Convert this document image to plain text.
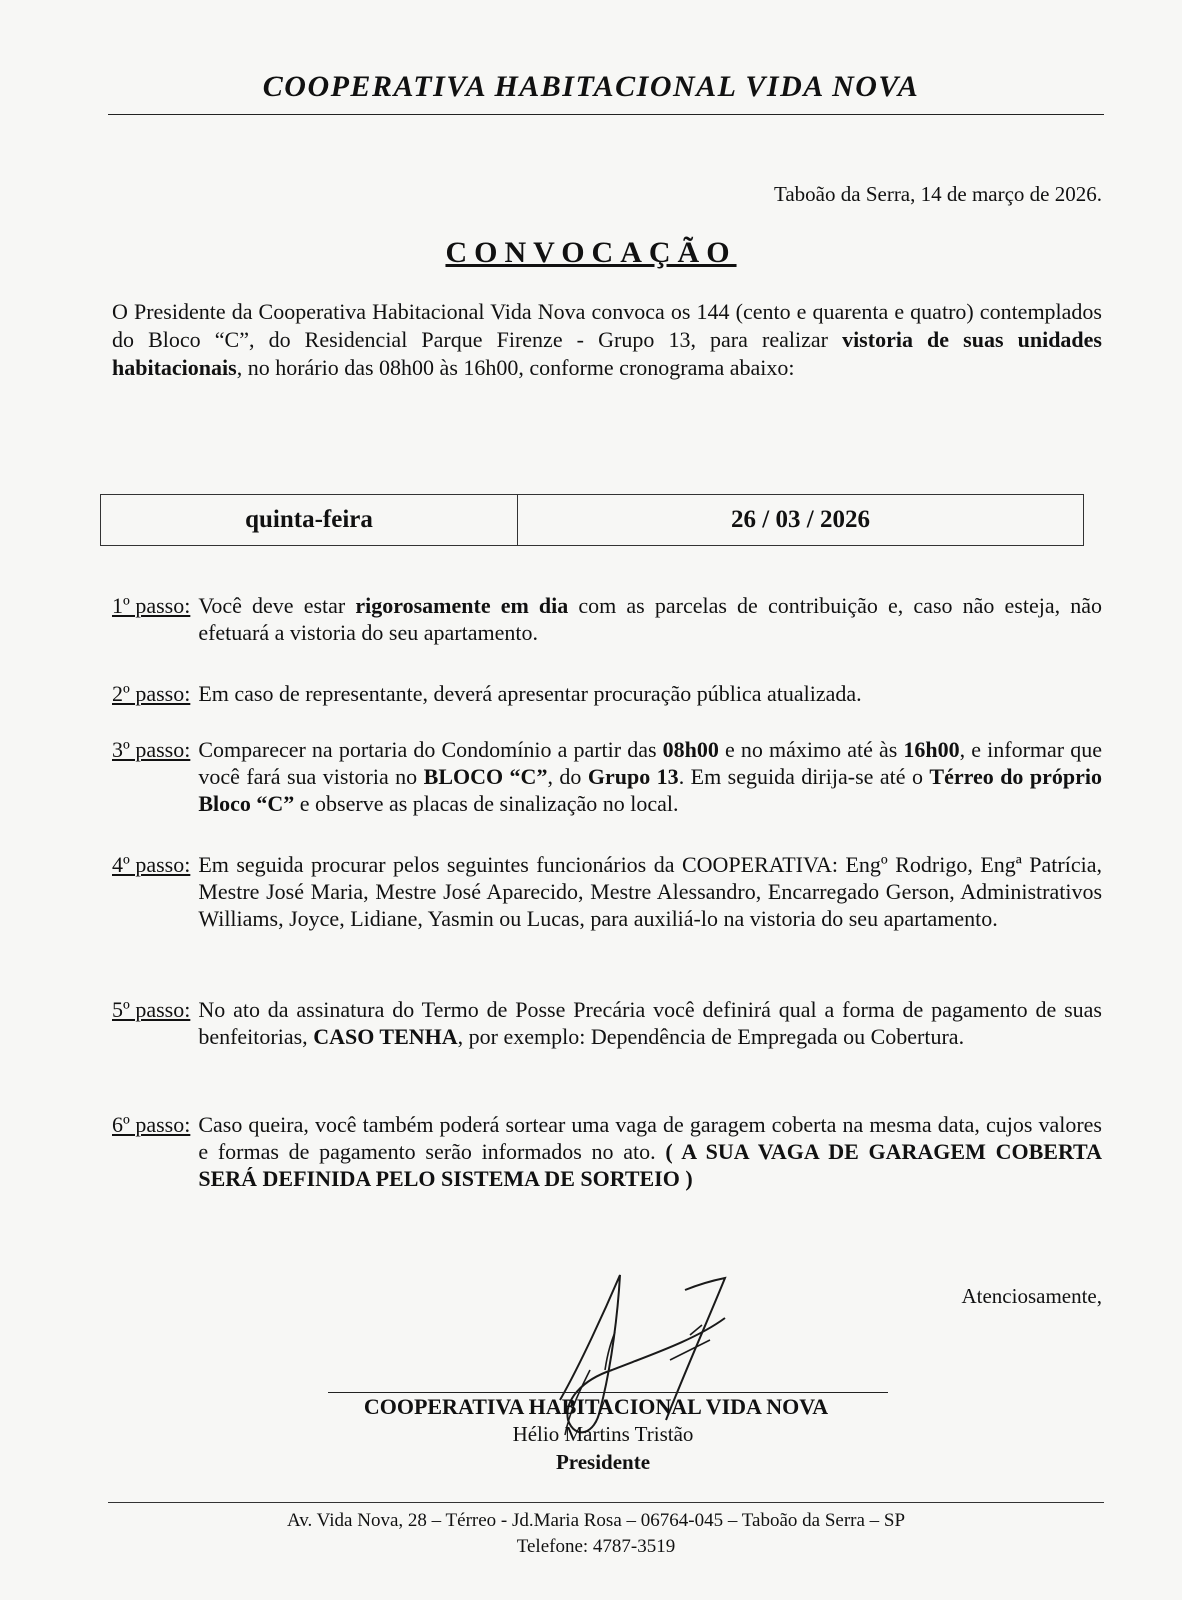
COOPERATIVA HABITACIONAL VIDA NOVA
Taboão da Serra, 14 de março de 2026.
CONVOCAÇÃO
O Presidente da Cooperativa Habitacional Vida Nova convoca os 144 (cento e quarenta e quatro) contemplados do Bloco “C”, do Residencial Parque Firenze - Grupo 13, para realizar vistoria de suas unidades habitacionais, no horário das 08h00 às 16h00, conforme cronograma abaixo:
quinta-feira	26 / 03 / 2026
1º passo: Você deve estar rigorosamente em dia com as parcelas de contribuição e, caso não esteja, não efetuará a vistoria do seu apartamento.
2º passo: Em caso de representante, deverá apresentar procuração pública atualizada.
3º passo: Comparecer na portaria do Condomínio a partir das 08h00 e no máximo até às 16h00, e informar que você fará sua vistoria no BLOCO “C”, do Grupo 13. Em seguida dirija-se até o Térreo do próprio Bloco “C” e observe as placas de sinalização no local.
4º passo: Em seguida procurar pelos seguintes funcionários da COOPERATIVA: Engº Rodrigo, Engª Patrícia, Mestre José Maria, Mestre José Aparecido, Mestre Alessandro, Encarregado Gerson, Administrativos Williams, Joyce, Lidiane, Yasmin ou Lucas, para auxiliá-lo na vistoria do seu apartamento.
5º passo: No ato da assinatura do Termo de Posse Precária você definirá qual a forma de pagamento de suas benfeitorias, CASO TENHA, por exemplo: Dependência de Empregada ou Cobertura.
6º passo: Caso queira, você também poderá sortear uma vaga de garagem coberta na mesma data, cujos valores e formas de pagamento serão informados no ato. ( A SUA VAGA DE GARAGEM COBERTA SERÁ DEFINIDA PELO SISTEMA DE SORTEIO )
Atenciosamente,
COOPERATIVA HABITACIONAL VIDA NOVA
Hélio Martins Tristão
Presidente
Av. Vida Nova, 28 – Térreo - Jd.Maria Rosa – 06764-045 – Taboão da Serra – SP
Telefone: 4787-3519
